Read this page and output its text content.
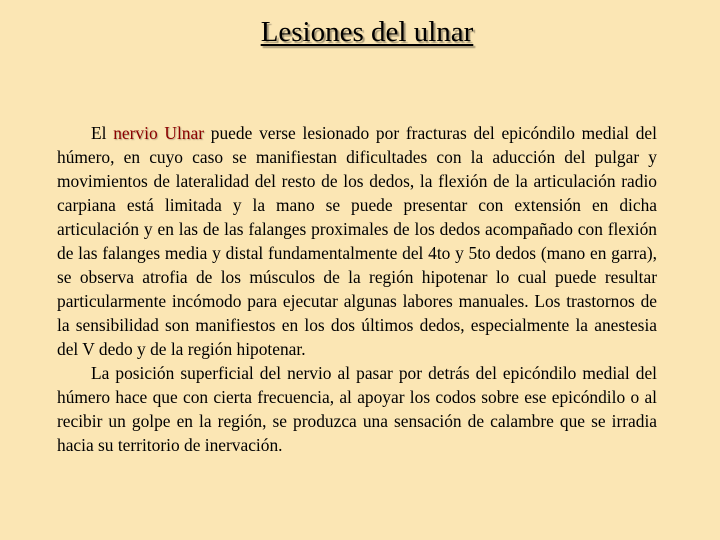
Lesiones del ulnar

El nervio Ulnar puede verse lesionado por fracturas del epicóndilo medial del húmero, en cuyo caso se manifiestan dificultades con la aducción del pulgar y movimientos de lateralidad del resto de los dedos, la flexión de la articulación radio carpiana está limitada y la mano se puede presentar con extensión en dicha articulación y en las de las falanges proximales de los dedos acompañado con flexión de las falanges media y distal fundamentalmente del 4to y 5to dedos (mano en garra), se observa atrofia de los músculos de la región hipotenar lo cual puede resultar particularmente incómodo para ejecutar algunas labores manuales. Los trastornos de la sensibilidad son manifiestos en los dos últimos dedos, especialmente la anestesia del V dedo y de la región hipotenar.

La posición superficial del nervio al pasar por detrás del epicóndilo medial del húmero hace que con cierta frecuencia, al apoyar los codos sobre ese epicóndilo o al recibir un golpe en la región, se produzca una sensación de calambre que se irradia hacia su territorio de inervación.
